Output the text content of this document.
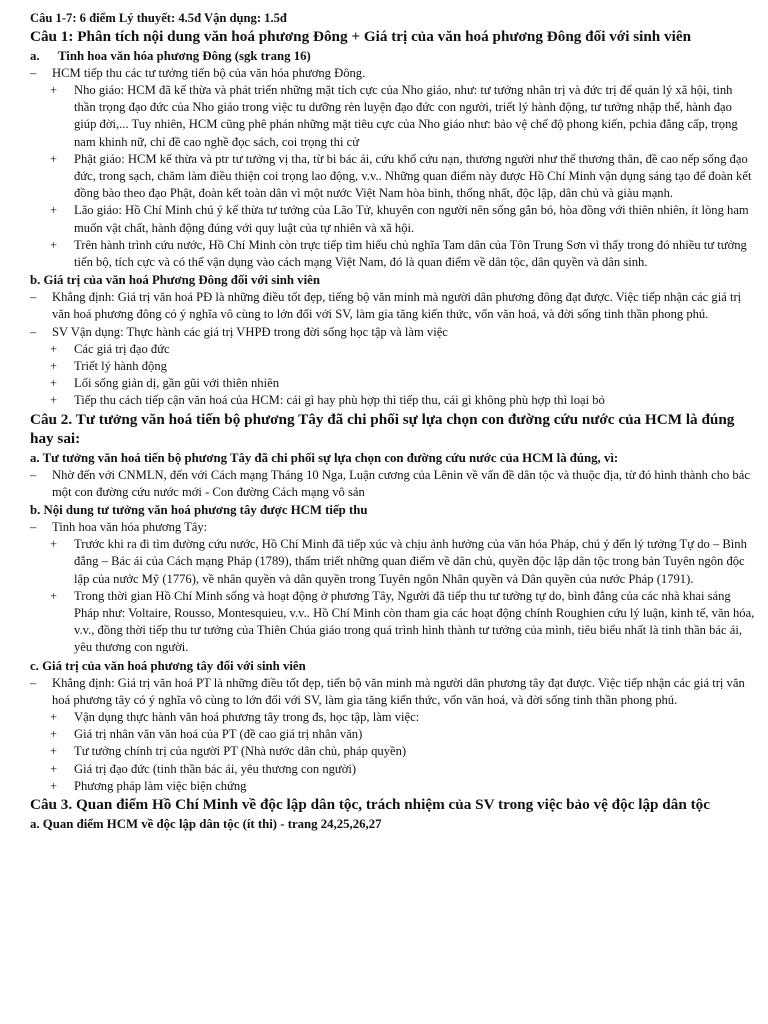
Câu 1-7: 6 điểm Lý thuyết: 4.5đ Vận dụng: 1.5đ
Câu 1: Phân tích nội dung văn hoá phương Đông + Giá trị của văn hoá phương Đông đối với sinh viên
a. Tinh hoa văn hóa phương Đông (sgk trang 16)
–	HCM tiếp thu các tư tưởng tiến bộ của văn hóa phương Đông.
+	Nho giáo: HCM đã kế thừa và phát triển những mặt tích cực của Nho giáo, như: tư tưởng nhân trị và đức trị để quản lý xã hội, tinh thần trọng đạo đức của Nho giáo trong việc tu dưỡng rèn luyện đạo đức con người, triết lý hành động, tư tưởng nhập thế, hành đạo giúp đời,... Tuy nhiên, HCM cũng phê phán những mặt tiêu cực của Nho giáo như: bảo vệ chế độ phong kiến, pchia đẳng cấp, trọng nam khinh nữ, chỉ đề cao nghề đọc sách, coi trọng thi cử
+	Phật giáo: HCM kế thừa và ptr tư tưởng vị tha, từ bi bác ái, cứu khổ cứu nạn, thương người như thể thương thân, đề cao nếp sống đạo đức, trong sạch, chăm làm điều thiện coi trọng lao động, v.v.. Những quan điểm này được Hồ Chí Minh vận dụng sáng tạo để đoàn kết đồng bào theo đạo Phật, đoàn kết toàn dân vì một nước Việt Nam hòa bình, thống nhất, độc lập, dân chủ và giàu mạnh.
+	Lão giáo: Hồ Chí Minh chú ý kế thừa tư tưởng của Lão Tử, khuyên con người nên sống gắn bó, hòa đồng với thiên nhiên, ít lòng ham muốn vật chất, hành động đúng với quy luật của tự nhiên và xã hội.
+	Trên hành trình cứu nước, Hồ Chí Minh còn trực tiếp tìm hiểu chủ nghĩa Tam dân của Tôn Trung Sơn vì thấy trong đó nhiều tư tưởng tiến bộ, tích cực và có thể vận dụng vào cách mạng Việt Nam, đó là quan điểm về dân tộc, dân quyền và dân sinh.
b. Giá trị của văn hoá Phương Đông đối với sinh viên
–	Khẳng định: Giá trị văn hoá PĐ là những điều tốt đẹp, tiếng bộ văn minh mà người dân phương đông đạt được. Việc tiếp nhận các giá trị văn hoá phương đông có ý nghĩa vô cùng to lớn đối với SV, làm gia tăng kiến thức, vốn văn hoá, và đời sống tinh thần phong phú.
–	SV Vận dụng: Thực hành các giá trị VHPĐ trong đời sống học tập và làm việc
+	Các giá trị đạo đức
+	Triết lý hành động
+	Lối sống giản dị, gần gũi với thiên nhiên
+	Tiếp thu cách tiếp cận văn hoá của HCM: cái gì hay phù hợp thì tiếp thu, cái gì không phù hợp thì loại bỏ
Câu 2. Tư tưởng văn hoá tiến bộ phương Tây đã chi phối sự lựa chọn con đường cứu nước của HCM là đúng hay sai:
a. Tư tưởng văn hoá tiến bộ phương Tây đã chi phối sự lựa chọn con đường cứu nước của HCM là đúng, vì:
–	Nhờ đến với CNMLN, đến với Cách mạng Tháng 10 Nga, Luận cương của Lênin về vấn đề dân tộc và thuộc địa, từ đó hình thành cho bác một con đường cứu nước mới - Con đường Cách mạng vô sản
b. Nội dung tư tưởng văn hoá phương tây được HCM tiếp thu
–	Tinh hoa văn hóa phương Tây:
+	Trước khi ra đi tìm đường cứu nước, Hồ Chí Minh đã tiếp xúc và chịu ảnh hưởng của văn hóa Pháp, chú ý đến lý tưởng Tự do – Bình đẳng – Bác ái của Cách mạng Pháp (1789), thấm triết những quan điểm về dân chủ, quyền độc lập dân tộc trong bản Tuyên ngôn độc lập của nước Mỹ (1776), về nhân quyền và dân quyền trong Tuyên ngôn Nhân quyền và Dân quyền của nước Pháp (1791).
+	Trong thời gian Hồ Chí Minh sống và hoạt động ở phương Tây, Người đã tiếp thu tư tưởng tự do, bình đẳng của các nhà khai sáng Pháp như: Voltaire, Rousso, Montesquieu, v.v.. Hồ Chí Minh còn tham gia các hoạt động chính Roughien cứu lý luận, kinh tế, văn hóa, v.v., đồng thời tiếp thu tư tưởng của Thiên Chúa giáo trong quá trình hình thành tư tưởng của mình, tiêu biểu nhất là tinh thần bác ái, yêu thương con người.
c. Giá trị của văn hoá phương tây đối với sinh viên
–	Khẳng định: Giá trị văn hoá PT là những điều tốt đẹp, tiến bộ văn minh mà người dân phương tây đạt được. Việc tiếp nhận các giá trị văn hoá phương tây có ý nghĩa vô cùng to lớn đối với SV, làm gia tăng kiến thức, vốn văn hoá, và đời sống tinh thần phong phú.
+	Vận dụng thực hành văn hoá phương tây trong đs, học tập, làm việc:
+	Giá trị nhân văn văn hoá của PT (đề cao giá trị nhân văn)
+	Tư tưởng chính trị của người PT (Nhà nước dân chủ, pháp quyền)
+	Giá trị đạo đức (tinh thần bác ái, yêu thương con người)
+	Phương pháp làm việc biện chứng
Câu 3. Quan điểm Hồ Chí Minh về độc lập dân tộc, trách nhiệm của SV trong việc bảo vệ độc lập dân tộc
a. Quan điểm HCM về độc lập dân tộc (ít thi) - trang 24,25,26,27
